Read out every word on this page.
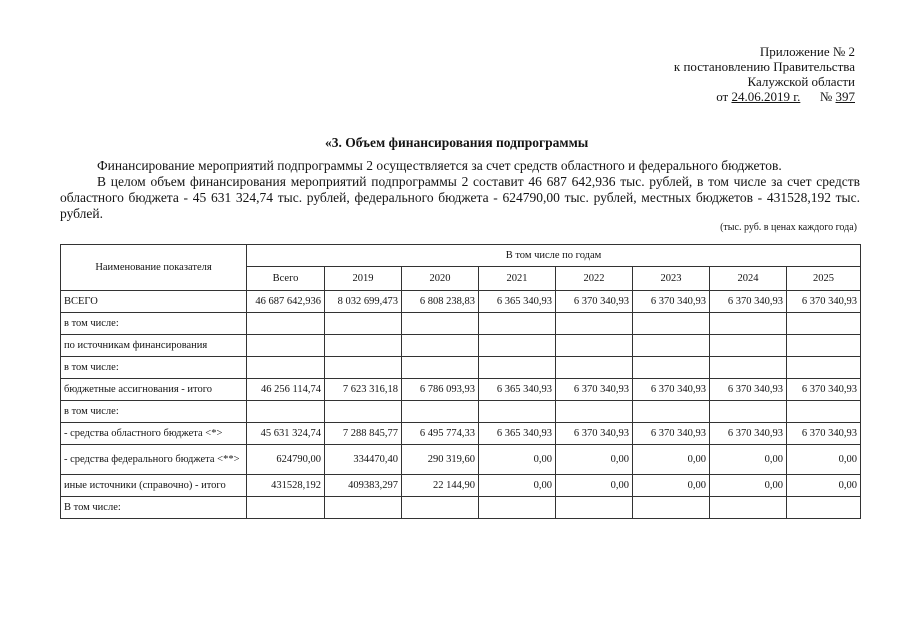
Приложение № 2
к постановлению Правительства
Калужской области
от 24.06.2019 г. № 397
«3. Объем финансирования подпрограммы
Финансирование мероприятий подпрограммы 2 осуществляется за счет средств областного и федерального бюджетов.
В целом объем финансирования мероприятий подпрограммы 2 составит 46 687 642,936 тыс. рублей, в том числе за счет средств областного бюджета - 45 631 324,74 тыс. рублей, федерального бюджета - 624790,00 тыс. рублей, местных бюджетов - 431528,192 тыс. рублей.
(тыс. руб. в ценах каждого года)
Наименование показателя	В том числе по годам							
	Всего	2019	2020	2021	2022	2023	2024	2025
ВСЕГО	46 687 642,936	8 032 699,473	6 808 238,83	6 365 340,93	6 370 340,93	6 370 340,93	6 370 340,93	6 370 340,93
в том числе:								
по источникам финансирования								
в том числе:								
бюджетные ассигнования - итого	46 256 114,74	7 623 316,18	6 786 093,93	6 365 340,93	6 370 340,93	6 370 340,93	6 370 340,93	6 370 340,93
в том числе:								
- средства областного бюджета <*>	45 631 324,74	7 288 845,77	6 495 774,33	6 365 340,93	6 370 340,93	6 370 340,93	6 370 340,93	6 370 340,93
- средства федерального бюджета <**>	624790,00	334470,40	290 319,60	0,00	0,00	0,00	0,00	0,00
иные источники (справочно) - итого	431528,192	409383,297	22 144,90	0,00	0,00	0,00	0,00	0,00
В том числе:								
